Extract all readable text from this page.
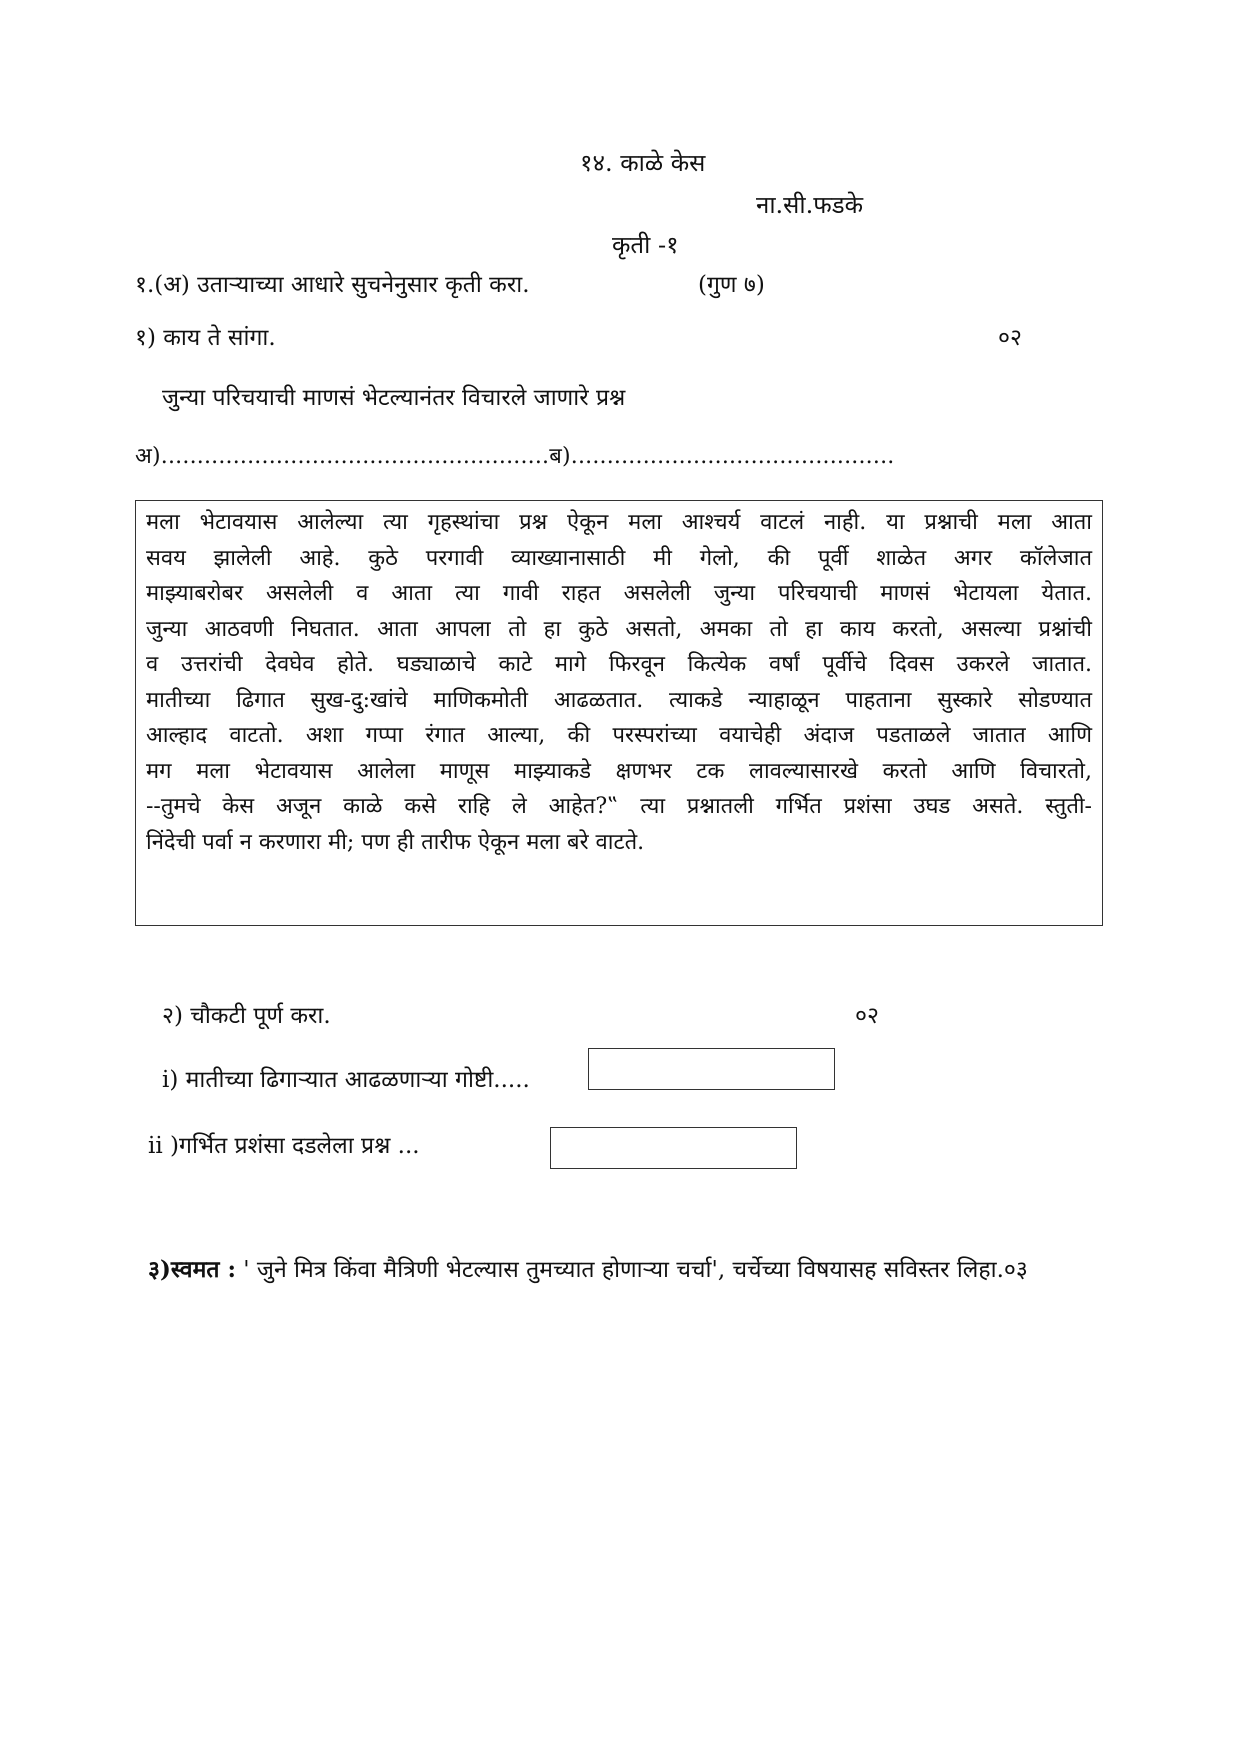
१४. काळे केस
ना.सी.फडके
कृती -१
१.(अ) उताऱ्याच्या आधारे सुचनेनुसार कृती करा.	(गुण ७)
१) काय ते सांगा.	०२
जुन्या परिचयाची माणसं भेटल्यानंतर विचारले जाणारे प्रश्न
अ)......................................................ब).............................................

मला भेटावयास आलेल्या त्या गृहस्थांचा प्रश्न ऐकून मला आश्चर्य वाटलं नाही. या प्रश्नाची मला आता

सवय झालेली आहे. कुठे परगावी व्याख्यानासाठी मी गेलो, की पूर्वी शाळेत अगर कॉलेजात

माझ्याबरोबर असलेली व आता त्या गावी राहत असलेली जुन्या परिचयाची माणसं भेटायला येतात.

जुन्या आठवणी निघतात. आता आपला तो हा कुठे असतो, अमका तो हा काय करतो, असल्या प्रश्नांची

व उत्तरांची देवघेव होते. घड्याळाचे काटे मागे फिरवून कित्येक वर्षां पूर्वीचे दिवस उकरले जातात.

मातीच्या ढिगात सुख-दु:खांचे माणिकमोती आढळतात. त्याकडे न्याहाळून पाहताना सुस्कारे सोडण्यात

आल्हाद वाटतो. अशा गप्पा रंगात आल्या, की परस्परांच्या वयाचेही अंदाज पडताळले जातात आणि

मग मला भेटावयास आलेला माणूस माझ्याकडे क्षणभर टक लावल्यासारखे करतो आणि विचारतो,

--तुमचे केस अजून काळे कसे राहि ले आहेत?‟ त्या प्रश्नातली गर्भित प्रशंसा उघड असते. स्तुती-

निंदेची पर्वा न करणारा मी; पण ही तारीफ ऐकून मला बरे वाटते.

२) चौकटी पूर्ण करा.	०२
i) मातीच्या ढिगाऱ्यात आढळणाऱ्या गोष्टी.....
ii )गर्भित प्रशंसा दडलेला प्रश्न ...
३)स्वमत : ' जुने मित्र किंवा मैत्रिणी भेटल्यास तुमच्यात होणाऱ्या चर्चा', चर्चेच्या विषयासह सविस्तर लिहा.०३
